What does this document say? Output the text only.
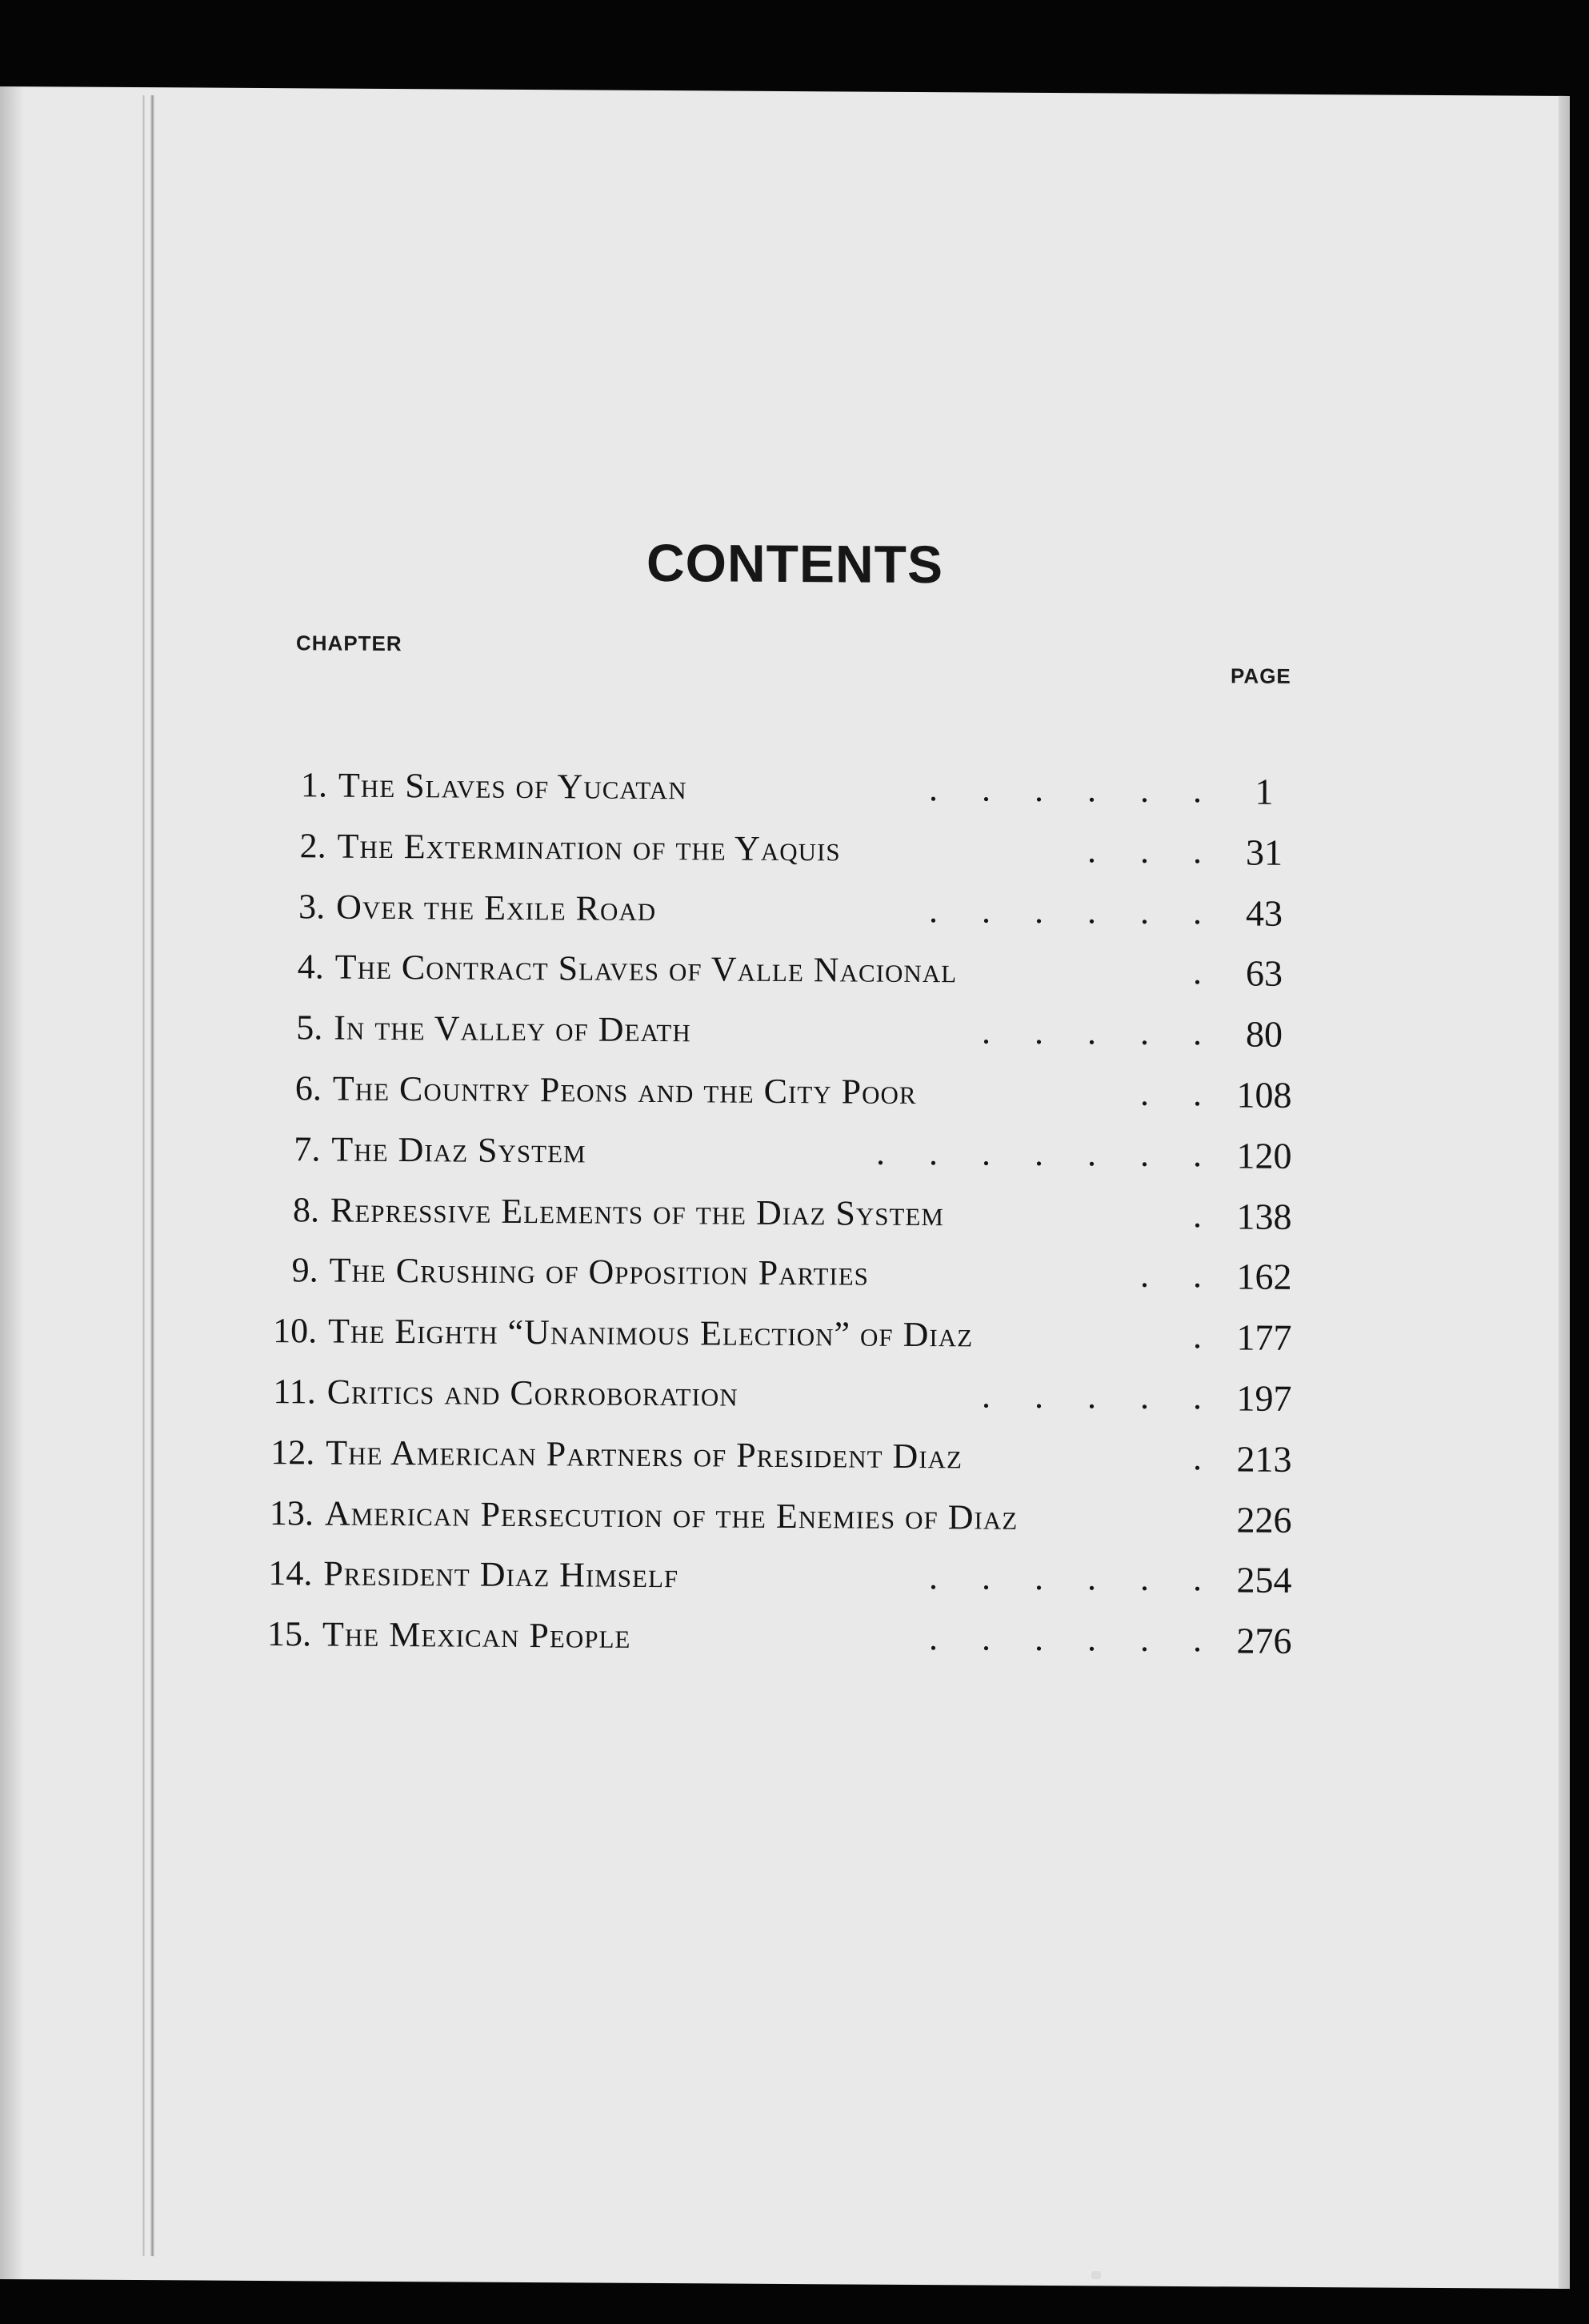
CONTENTS
CHAPTER
PAGE
1. The Slaves of Yucatan	. . . . . . 1
2. The Extermination of the Yaquis	. . . 31
3. Over the Exile Road	. . . . . . 43
4. The Contract Slaves of Valle Nacional	. 63
5. In the Valley of Death	. . . . . 80
6. The Country Peons and the City Poor	. . 108
7. The Diaz System	. . . . . . . 120
8. Repressive Elements of the Diaz System	. 138
9. The Crushing of Opposition Parties	. . 162
10. The Eighth “Unanimous Election” of Diaz	. 177
11. Critics and Corroboration	. . . . . 197
12. The American Partners of President Diaz	. 213
13. American Persecution of the Enemies of Diaz	226
14. President Diaz Himself	. . . . . . 254
15. The Mexican People	. . . . . . 276
